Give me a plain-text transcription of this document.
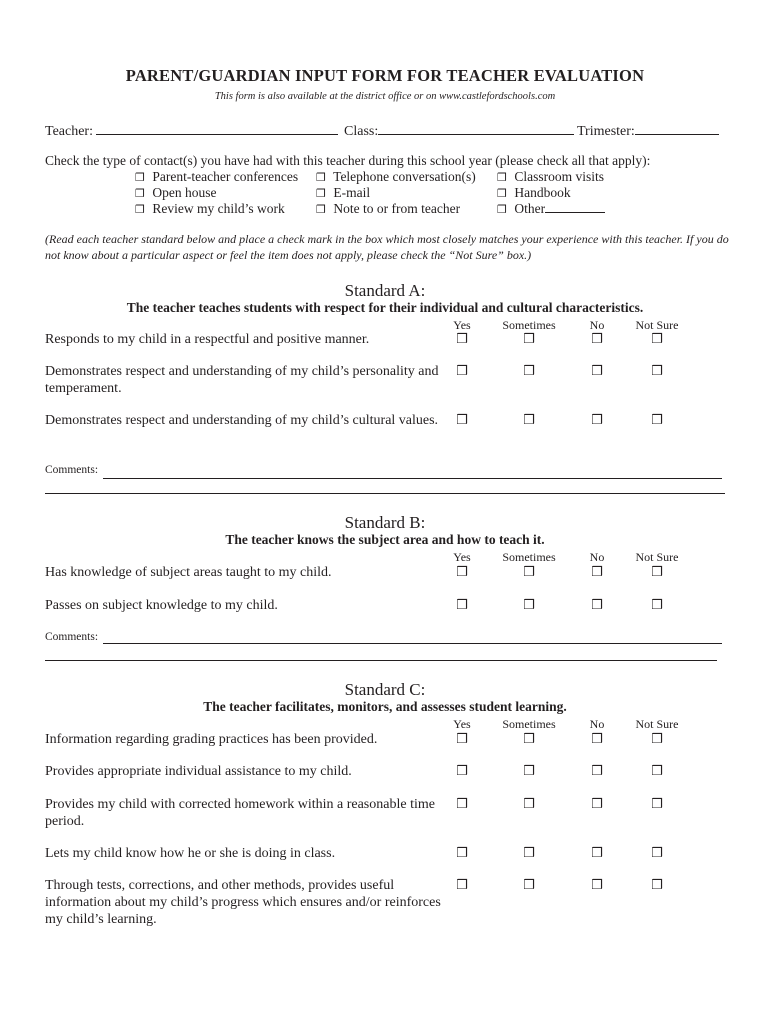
PARENT/GUARDIAN INPUT FORM FOR TEACHER EVALUATION
This form is also available at the district office or on www.castlefordschools.com
Teacher:	Class:	Trimester:
Check the type of contact(s) you have had with this teacher during this school year (please check all that apply):
❒ Parent-teacher conferences
❒ Open house
❒ Review my child’s work
❒ Telephone conversation(s)
❒ E-mail
❒ Note to or from teacher
❒ Classroom visits
❒ Handbook
❒ Other
(Read each teacher standard below and place a check mark in the box which most closely matches your experience with this teacher. If you do not know about a particular aspect or feel the item does not apply, please check the “Not Sure” box.)
Standard A:
The teacher teaches students with respect for their individual and cultural characteristics.
Yes	Sometimes	No	Not Sure
Responds to my child in a respectful and positive manner.	❒	❒	❒	❒
Demonstrates respect and understanding of my child’s personality and temperament.
❒	❒	❒	❒
Demonstrates respect and understanding of my child’s cultural values.	❒	❒	❒	❒
Comments:
Standard B:
The teacher knows the subject area and how to teach it.
Yes	Sometimes	No	Not Sure
Has knowledge of subject areas taught to my child.	❒	❒	❒	❒
Passes on subject knowledge to my child.	❒	❒	❒	❒
Comments:
Standard C:
The teacher facilitates, monitors, and assesses student learning.
Yes	Sometimes	No	Not Sure
Information regarding grading practices has been provided.	❒	❒	❒	❒
Provides appropriate individual assistance to my child.	❒	❒	❒	❒
Provides my child with corrected homework within a reasonable time period.
❒	❒	❒	❒
Lets my child know how he or she is doing in class.	❒	❒	❒	❒
Through tests, corrections, and other methods, provides useful information about my child’s progress which ensures and/or reinforces my child’s learning.
❒	❒	❒	❒
